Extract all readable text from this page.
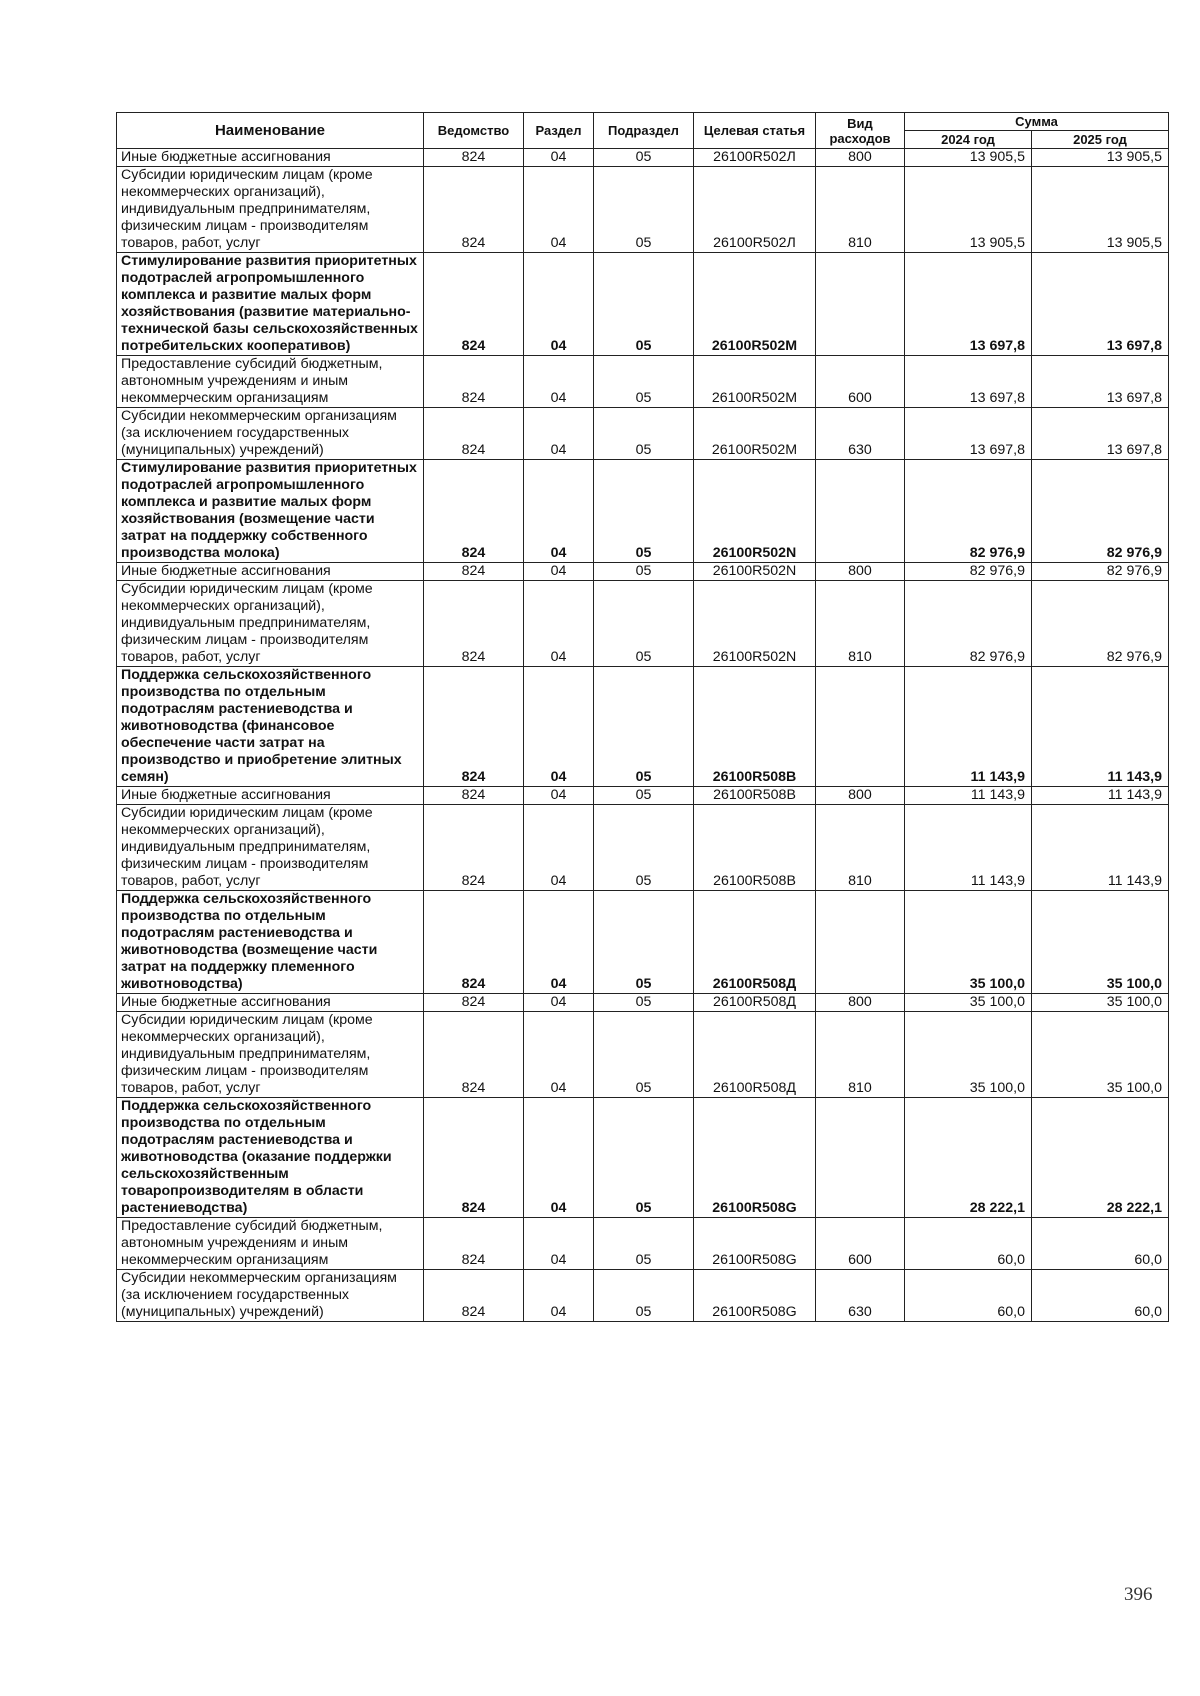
Наименование	Ведомство	Раздел	Подраздел	Целевая статья	Вид расходов	Сумма	
						2024 год	2025 год
Иные бюджетные ассигнования	824	04	05	26100R502Л	800	13 905,5	13 905,5
Субсидии юридическим лицам (кроме некоммерческих организаций), индивидуальным предпринимателям, физическим лицам - производителям товаров, работ, услуг	824	04	05	26100R502Л	810	13 905,5	13 905,5
Стимулирование развития приоритетных подотраслей агропромышленного комплекса и развитие малых форм хозяйствования (развитие материально-технической базы сельскохозяйственных потребительских кооперативов)	824	04	05	26100R502M		13 697,8	13 697,8
Предоставление субсидий бюджетным, автономным учреждениям и иным некоммерческим организациям	824	04	05	26100R502M	600	13 697,8	13 697,8
Субсидии некоммерческим организациям (за исключением государственных (муниципальных) учреждений)	824	04	05	26100R502M	630	13 697,8	13 697,8
Стимулирование развития приоритетных подотраслей агропромышленного комплекса и развитие малых форм хозяйствования (возмещение части затрат на поддержку собственного производства молока)	824	04	05	26100R502N		82 976,9	82 976,9
Иные бюджетные ассигнования	824	04	05	26100R502N	800	82 976,9	82 976,9
Субсидии юридическим лицам (кроме некоммерческих организаций), индивидуальным предпринимателям, физическим лицам - производителям товаров, работ, услуг	824	04	05	26100R502N	810	82 976,9	82 976,9
Поддержка сельскохозяйственного производства по отдельным подотраслям растениеводства и животноводства (финансовое обеспечение части затрат на производство и приобретение элитных семян)	824	04	05	26100R508B		11 143,9	11 143,9
Иные бюджетные ассигнования	824	04	05	26100R508B	800	11 143,9	11 143,9
Субсидии юридическим лицам (кроме некоммерческих организаций), индивидуальным предпринимателям, физическим лицам - производителям товаров, работ, услуг	824	04	05	26100R508B	810	11 143,9	11 143,9
Поддержка сельскохозяйственного производства по отдельным подотраслям растениеводства и животноводства (возмещение части затрат на поддержку племенного животноводства)	824	04	05	26100R508Д		35 100,0	35 100,0
Иные бюджетные ассигнования	824	04	05	26100R508Д	800	35 100,0	35 100,0
Субсидии юридическим лицам (кроме некоммерческих организаций), индивидуальным предпринимателям, физическим лицам - производителям товаров, работ, услуг	824	04	05	26100R508Д	810	35 100,0	35 100,0
Поддержка сельскохозяйственного производства по отдельным подотраслям растениеводства и животноводства (оказание поддержки сельскохозяйственным товаропроизводителям в области растениеводства)	824	04	05	26100R508G		28 222,1	28 222,1
Предоставление субсидий бюджетным, автономным учреждениям и иным некоммерческим организациям	824	04	05	26100R508G	600	60,0	60,0
Субсидии некоммерческим организациям (за исключением государственных (муниципальных) учреждений)	824	04	05	26100R508G	630	60,0	60,0
396
